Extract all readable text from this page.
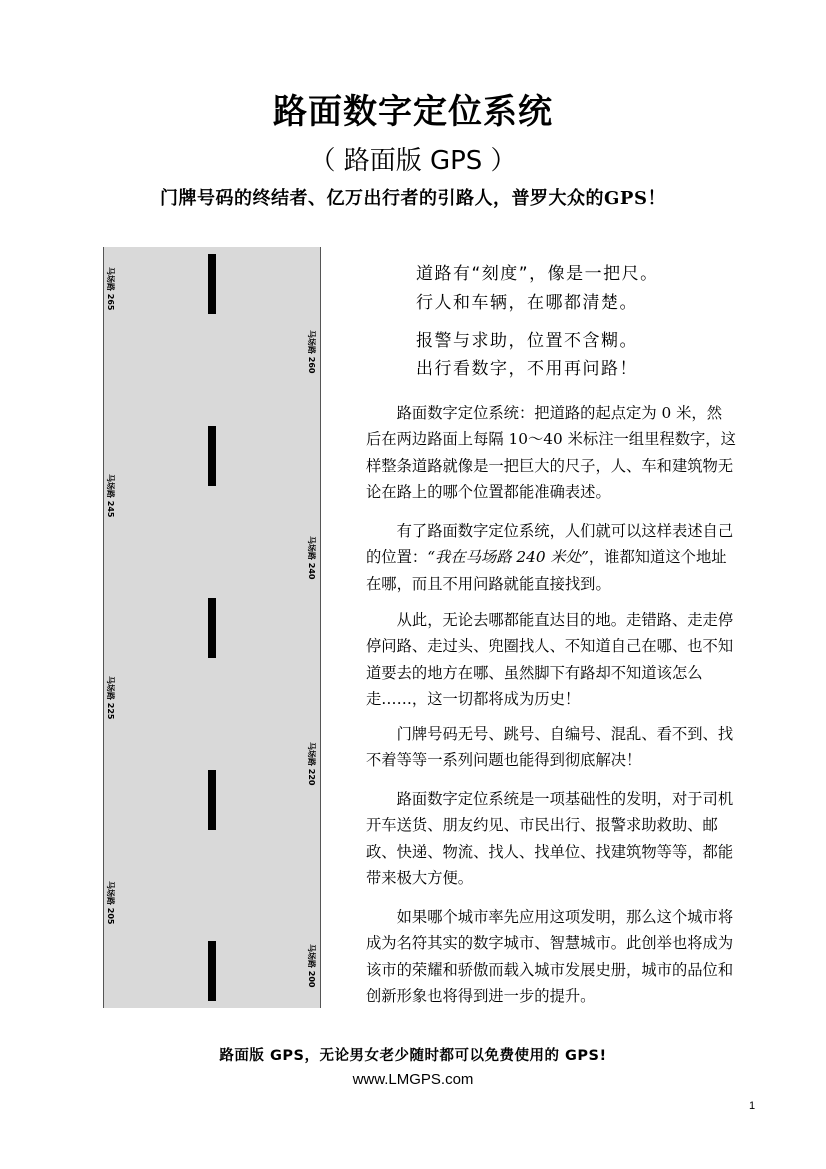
路面数字定位系统
（ 路面版 GPS ）
门牌号码的终结者、亿万出行者的引路人，普罗大众的GPS！
马场路 265
马场路 245
马场路 225
马场路 205
马场路 260
马场路 240
马场路 220
马场路 200
道路有“刻度”，像是一把尺。
行人和车辆，在哪都清楚。
报警与求助，位置不含糊。
出行看数字，不用再问路！

路面数字定位系统：把道路的起点定为 0 米，然后在两边路面上每隔 10～40 米标注一组里程数字，这样整条道路就像是一把巨大的尺子，人、车和建筑物无论在路上的哪个位置都能准确表述。

有了路面数字定位系统，人们就可以这样表述自己的位置：“我在马场路 240 米处”，谁都知道这个地址在哪，而且不用问路就能直接找到。

从此，无论去哪都能直达目的地。走错路、走走停停问路、走过头、兜圈找人、不知道自己在哪、也不知道要去的地方在哪、虽然脚下有路却不知道该怎么走……，这一切都将成为历史！

门牌号码无号、跳号、自编号、混乱、看不到、找不着等等一系列问题也能得到彻底解决！

路面数字定位系统是一项基础性的发明，对于司机开车送货、朋友约见、市民出行、报警求助救助、邮政、快递、物流、找人、找单位、找建筑物等等，都能带来极大方便。

如果哪个城市率先应用这项发明，那么这个城市将成为名符其实的数字城市、智慧城市。此创举也将成为该市的荣耀和骄傲而载入城市发展史册，城市的品位和创新形象也将得到进一步的提升。

路面版 GPS，无论男女老少随时都可以免费使用的 GPS!
www.LMGPS.com
1
